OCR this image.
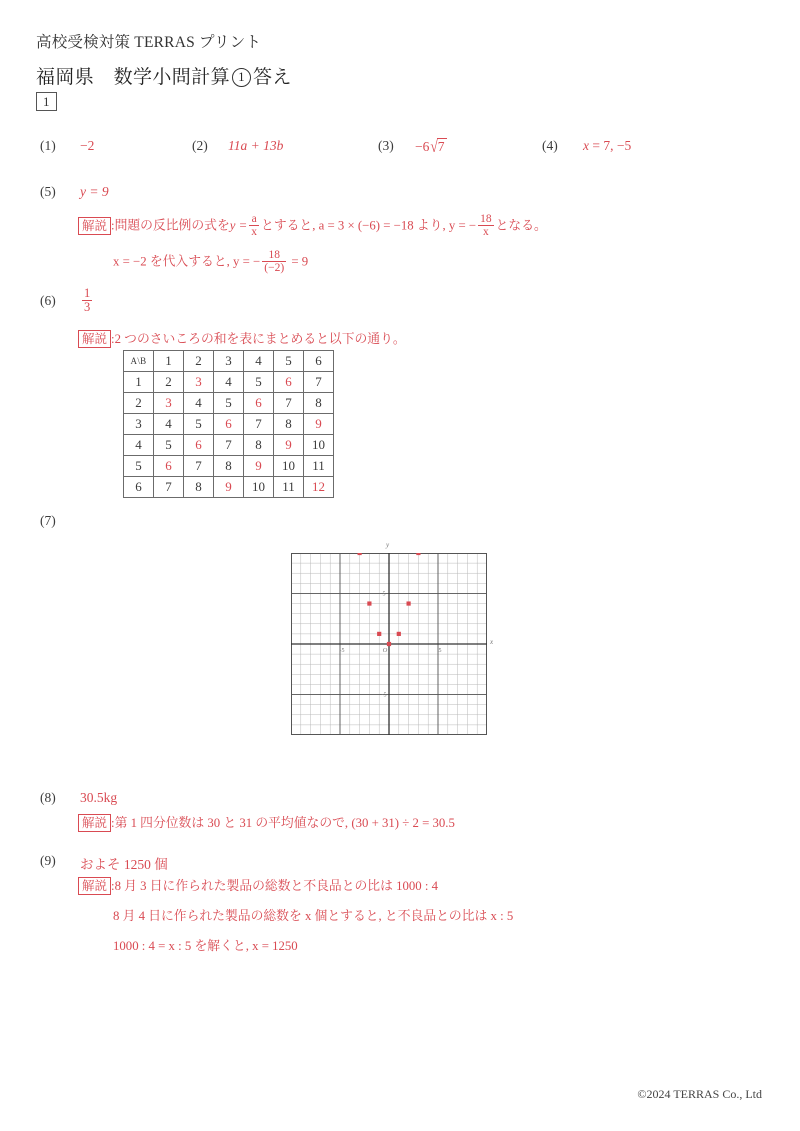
高校受検対策 TERRAS プリント
福岡県　数学小問計算 1 答え
1
(1) −2	(2) 11a + 13b	(3) −6√7	(4) x = 7, −5
(5) y = 9
解説 :問題の反比例の式を$y = \frac{a}{x}$ とすると, a = 3 × (−6) = −18 より, y = − $\frac{18}{x}$ となる。
x = −2 を代入すると, y = − $\frac{18}{(-2)} = 9$
$(6) \frac{1}{3}$
解説 :2 つのさいころの和を表にまとめると以下の通り。
A\B	1	2	3	4	5	6
1	2	3	4	5	6	7
2	3	4	5	6	7	8
3	4	5	6	7	8	9
4	5	6	7	8	9	10
5	6	7	8	9	10	11
6	7	8	9	10	11	12
(7)
-5	O	5
5
-5
y
x
(8) 30.5kg
解説 :第 1 四分位数は 30 と 31 の平均値なので, (30 + 31) ÷ 2 = 30.5
(9) およそ 1250 個
解説 :8 月 3 日に作られた製品の総数と不良品との比は 1000 : 4
8 月 4 日に作られた製品の総数を x 個とすると, と不良品との比は x : 5
1000 : 4 = x : 5 を解くと, x = 1250
©2024 TERRAS Co., Ltd
